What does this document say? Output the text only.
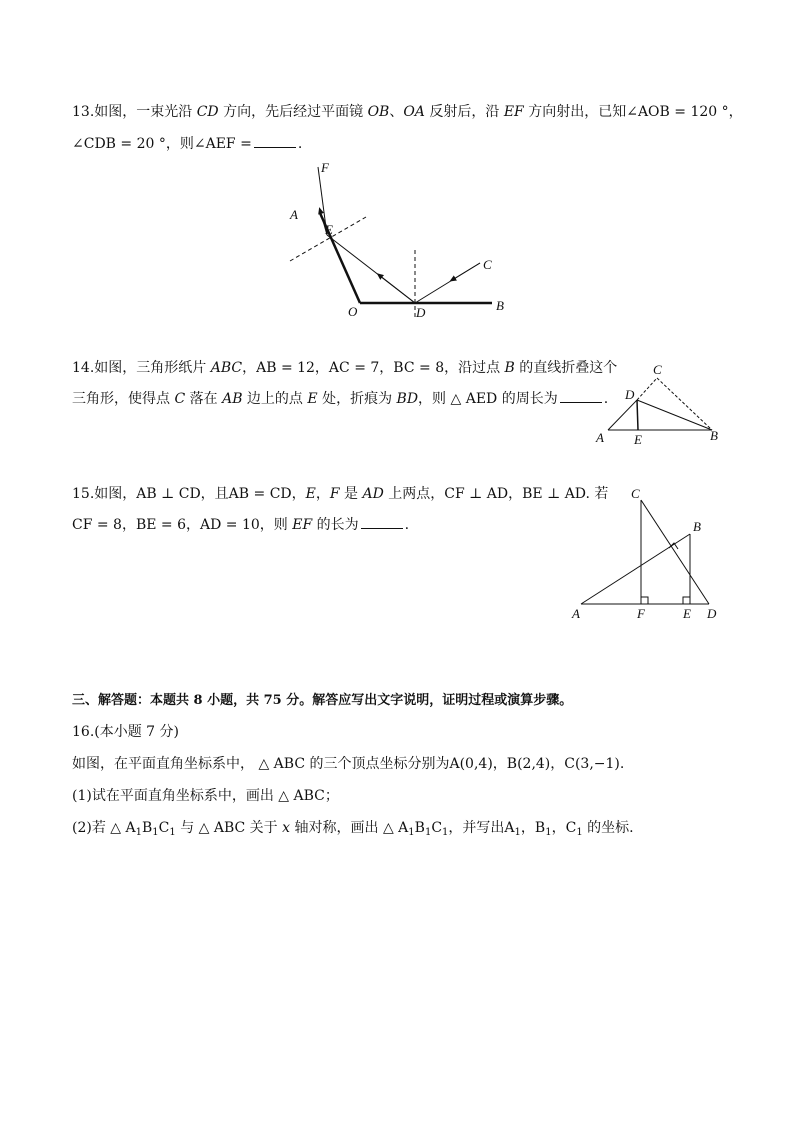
13.如图，一束光沿 CD 方向，先后经过平面镜 OB、OA 反射后，沿 EF 方向射出，已知∠AOB = 120 °，
∠CDB = 20 °，则∠AEF =	.
F
A
E
C
O	D	B
14.如图，三角形纸片 ABC，AB = 12，AC = 7，BC = 8，沿过点 B 的直线折叠这个
三角形，使得点 C 落在 AB 边上的点 E 处，折痕为 BD，则 △ AED 的周长为	.
C
D
A E	B
15.如图，AB ⊥ CD，且AB = CD，E，F 是 AD 上两点，CF ⊥ AD，BE ⊥ AD. 若
CF = 8，BE = 6，AD = 10，则 EF 的长为	.
C
B
A	F	E D
三、解答题：本题共 8 小题，共 75 分。解答应写出文字说明，证明过程或演算步骤。
16.(本小题 7 分)
如图，在平面直角坐标系中， △ ABC 的三个顶点坐标分别为A(0,4)，B(2,4)，C(3,−1).
(1)试在平面直角坐标系中，画出 △ ABC；
(2)若 △ $A_1B_1C_1$ 与 △ ABC 关于 x 轴对称，画出 △ $A_1B_1C_1$，并写出$A_1$，$B_1$，$C_1$ 的坐标.
